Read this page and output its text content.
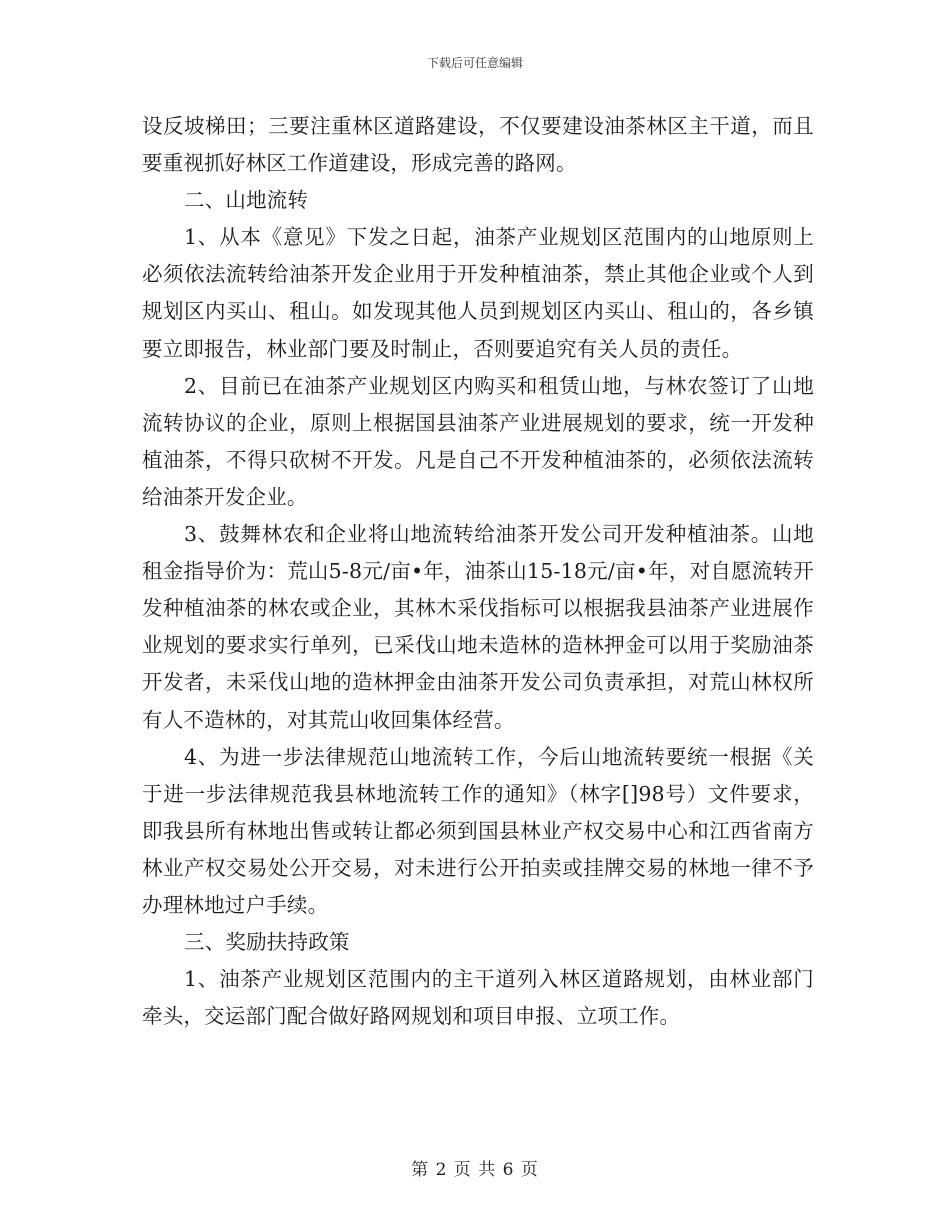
下载后可任意编辑

设反坡梯田；三要注重林区道路建设，不仅要建设油茶林区主干道，而且要重视抓好林区工作道建设，形成完善的路网。

二、山地流转

1、从本《意见》下发之日起，油茶产业规划区范围内的山地原则上必须依法流转给油茶开发企业用于开发种植油茶，禁止其他企业或个人到规划区内买山、租山。如发现其他人员到规划区内买山、租山的，各乡镇要立即报告，林业部门要及时制止，否则要追究有关人员的责任。

2、目前已在油茶产业规划区内购买和租赁山地，与林农签订了山地流转协议的企业，原则上根据国县油茶产业进展规划的要求，统一开发种植油茶，不得只砍树不开发。凡是自己不开发种植油茶的，必须依法流转给油茶开发企业。

3、鼓舞林农和企业将山地流转给油茶开发公司开发种植油茶。山地租金指导价为：荒山5-8元/亩•年，油茶山15-18元/亩•年，对自愿流转开发种植油茶的林农或企业，其林木采伐指标可以根据我县油茶产业进展作业规划的要求实行单列，已采伐山地未造林的造林押金可以用于奖励油茶开发者，未采伐山地的造林押金由油茶开发公司负责承担，对荒山林权所有人不造林的，对其荒山收回集体经营。

4、为进一步法律规范山地流转工作，今后山地流转要统一根据《关于进一步法律规范我县林地流转工作的通知》（林字[]98号）文件要求，即我县所有林地出售或转让都必须到国县林业产权交易中心和江西省南方林业产权交易处公开交易，对未进行公开拍卖或挂牌交易的林地一律不予办理林地过户手续。

三、奖励扶持政策

1、油茶产业规划区范围内的主干道列入林区道路规划，由林业部门牵头，交运部门配合做好路网规划和项目申报、立项工作。

第 2 页 共 6 页
